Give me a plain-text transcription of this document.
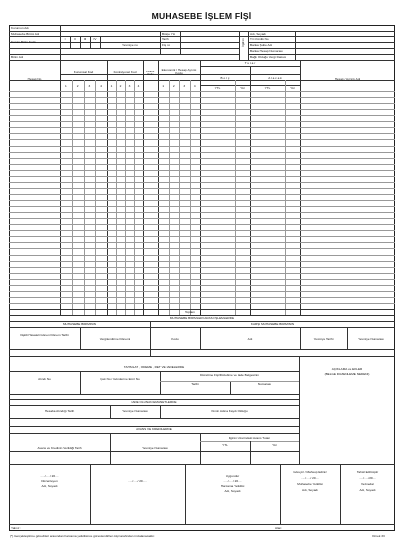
MUHASEBE İŞLEM FİŞİ
Kurumun Adı
Muhasebe Birimi Adı
Kurum Birim Kodu
Birim Adı
I	II	III	IV
Yevmiye no
Bütçe Yılı
Tarih
Fiş no	İlgilinin
Adı, Soyadı
T.C.Kimlik No
Banka Şube Adı
Banka Hesap Numarası
Bağlı Olduğu Vergi Dairesi
Hesap No
Kurumsal Kod	Fonksiyonel Kod	Finans. Kodu
Ekonomik / Hesap Ayrıntı Kodu
T u t a r
B o r ç	A l a c a k	Hesap / Ayrıntı Adı
1	2	3	4	1	2	3	4	1	2	3	4	YTL	Ykr	YTL	Ykr
Toplam
MUHASEBE BİRİMLERİ ARASI İŞLEMLERDE
MUHASEBE BİRİMİNİN	KARŞI MUHASEBE BİRİMİNİN
İlişkili Havaleli Gönen Dönem Tarihi
Vergilendirme Dönemi	Kodu	Adı	Yevmiye Tarihi	Yevmiye Numarası
TAHSİLAT , ÖDEME , RET VE İADELERDE
Alındı No	Çek No / Gönderme Emri No
Düzeltme Fişi/Düzeltme ve İade Belgesinin
Tarihi	Numarası
AÇIKLAMA ve EKLER
(BELGE DÜZENLEME NEDENİ)
İADE OLUNAN EMANETLERDE
Hesaba Alındığı Tarih	Yevmiye Numarası	Kimin Adına Kaydı Olduğu
AVANS VE KREDİLERDE
İlginin Üzerindeki Avans Tutarı
YTL	Ykr
Avans ve Kredinin Verildiği Tarih	Yevmiye Numarası
...../...../ 20....
Düzenleyen
Adı, Soyadı
...../...../ 20.....
Uygundur
...../...../ 20....
Harcama Yetkilisi
Adı, Soyadı
Göreyiz / Mahsup Ediniz
...../...../ 20....
Muhasebe Yetkilisi
Adı, Soyadı
Tahsil Edilmiştir
...../...../20....
Veznedar
Adı, Soyadı
Yalnız :	Alan:
(*) Gerçekleştirme görevlileri arasından harcama yetkilisince görevlendirilen kişi tarafından imzalanacaktır.	Örnek 33
